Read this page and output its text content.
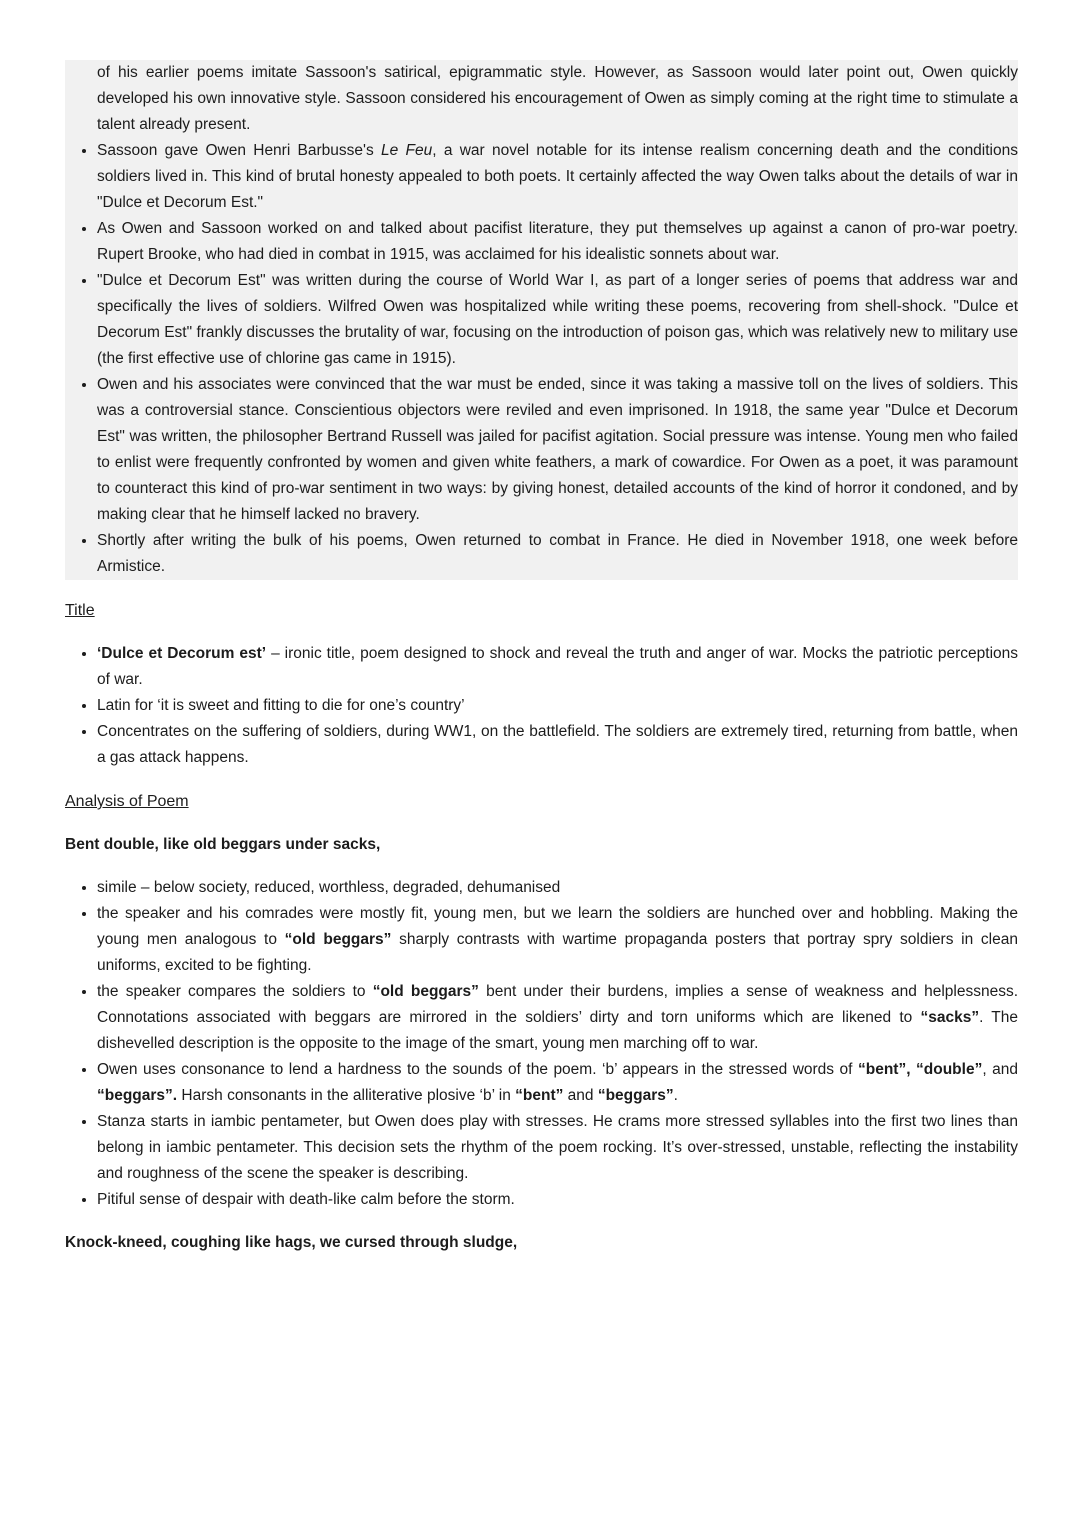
of his earlier poems imitate Sassoon's satirical, epigrammatic style. However, as Sassoon would later point out, Owen quickly developed his own innovative style. Sassoon considered his encouragement of Owen as simply coming at the right time to stimulate a talent already present.

• Sassoon gave Owen Henri Barbusse's Le Feu, a war novel notable for its intense realism concerning death and the conditions soldiers lived in. This kind of brutal honesty appealed to both poets. It certainly affected the way Owen talks about the details of war in "Dulce et Decorum Est."
• As Owen and Sassoon worked on and talked about pacifist literature, they put themselves up against a canon of pro-war poetry. Rupert Brooke, who had died in combat in 1915, was acclaimed for his idealistic sonnets about war.
• "Dulce et Decorum Est" was written during the course of World War I, as part of a longer series of poems that address war and specifically the lives of soldiers. Wilfred Owen was hospitalized while writing these poems, recovering from shell-shock. "Dulce et Decorum Est" frankly discusses the brutality of war, focusing on the introduction of poison gas, which was relatively new to military use (the first effective use of chlorine gas came in 1915).
• Owen and his associates were convinced that the war must be ended, since it was taking a massive toll on the lives of soldiers. This was a controversial stance. Conscientious objectors were reviled and even imprisoned. In 1918, the same year "Dulce et Decorum Est" was written, the philosopher Bertrand Russell was jailed for pacifist agitation. Social pressure was intense. Young men who failed to enlist were frequently confronted by women and given white feathers, a mark of cowardice. For Owen as a poet, it was paramount to counteract this kind of pro-war sentiment in two ways: by giving honest, detailed accounts of the kind of horror it condoned, and by making clear that he himself lacked no bravery.
• Shortly after writing the bulk of his poems, Owen returned to combat in France. He died in November 1918, one week before Armistice.
Title
• ‘Dulce et Decorum est’ – ironic title, poem designed to shock and reveal the truth and anger of war. Mocks the patriotic perceptions of war.
• Latin for ‘it is sweet and fitting to die for one’s country’
• Concentrates on the suffering of soldiers, during WW1, on the battlefield. The soldiers are extremely tired, returning from battle, when a gas attack happens.
Analysis of Poem

Bent double, like old beggars under sacks,

• simile – below society, reduced, worthless, degraded, dehumanised
• the speaker and his comrades were mostly fit, young men, but we learn the soldiers are hunched over and hobbling. Making the young men analogous to “old beggars” sharply contrasts with wartime propaganda posters that portray spry soldiers in clean uniforms, excited to be fighting.
• the speaker compares the soldiers to “old beggars” bent under their burdens, implies a sense of weakness and helplessness. Connotations associated with beggars are mirrored in the soldiers’ dirty and torn uniforms which are likened to “sacks”. The dishevelled description is the opposite to the image of the smart, young men marching off to war.
• Owen uses consonance to lend a hardness to the sounds of the poem. ‘b’ appears in the stressed words of “bent”, “double”, and “beggars”. Harsh consonants in the alliterative plosive ‘b’ in “bent” and “beggars”.
• Stanza starts in iambic pentameter, but Owen does play with stresses. He crams more stressed syllables into the first two lines than belong in iambic pentameter. This decision sets the rhythm of the poem rocking. It’s over-stressed, unstable, reflecting the instability and roughness of the scene the speaker is describing.
• Pitiful sense of despair with death-like calm before the storm.

Knock-kneed, coughing like hags, we cursed through sludge,
